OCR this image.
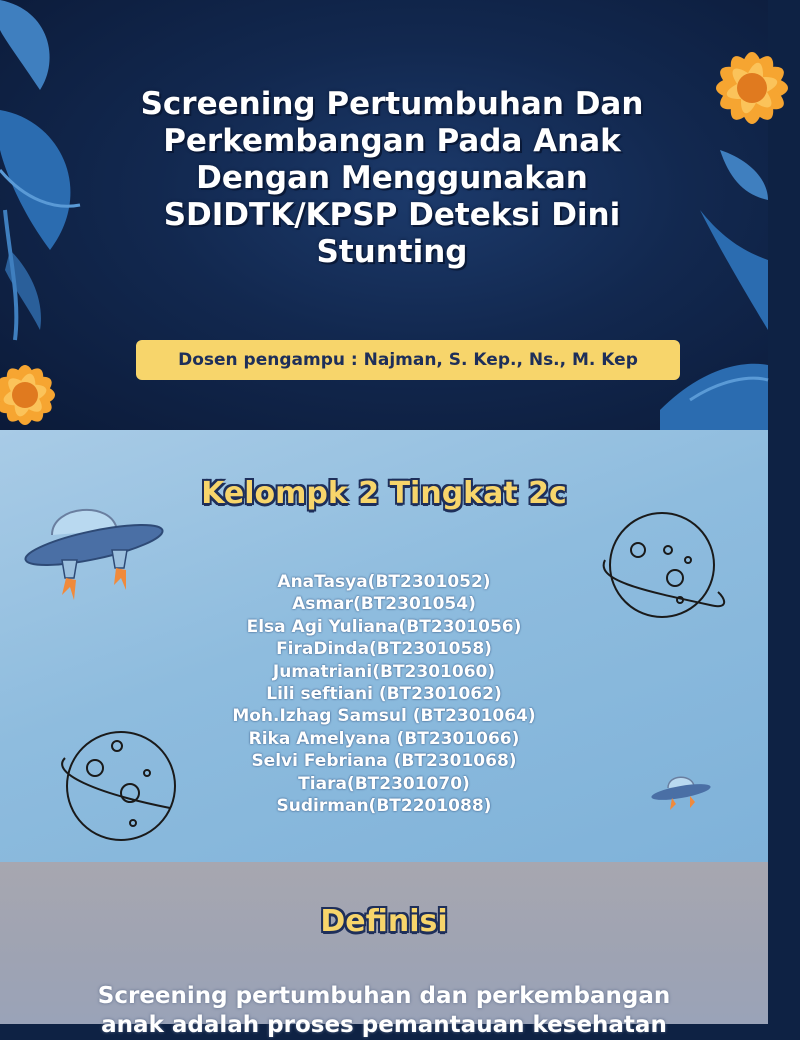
Screening Pertumbuhan Dan Perkembangan Pada Anak Dengan Menggunakan SDIDTK/KPSP Deteksi Dini Stunting
Dosen pengampu : Najman, S. Kep., Ns., M. Kep
Kelompk 2 Tingkat 2c
AnaTasya(BT2301052)
Asmar(BT2301054)
Elsa Agi Yuliana(BT2301056)
FiraDinda(BT2301058)
Jumatriani(BT2301060)
Lili seftiani (BT2301062)
Moh.Izhag Samsul (BT2301064)
Rika Amelyana (BT2301066)
Selvi Febriana (BT2301068)
Tiara(BT2301070)
Sudirman(BT2201088)
Definisi
Screening pertumbuhan dan perkembangan anak adalah proses pemantauan kesehatan
